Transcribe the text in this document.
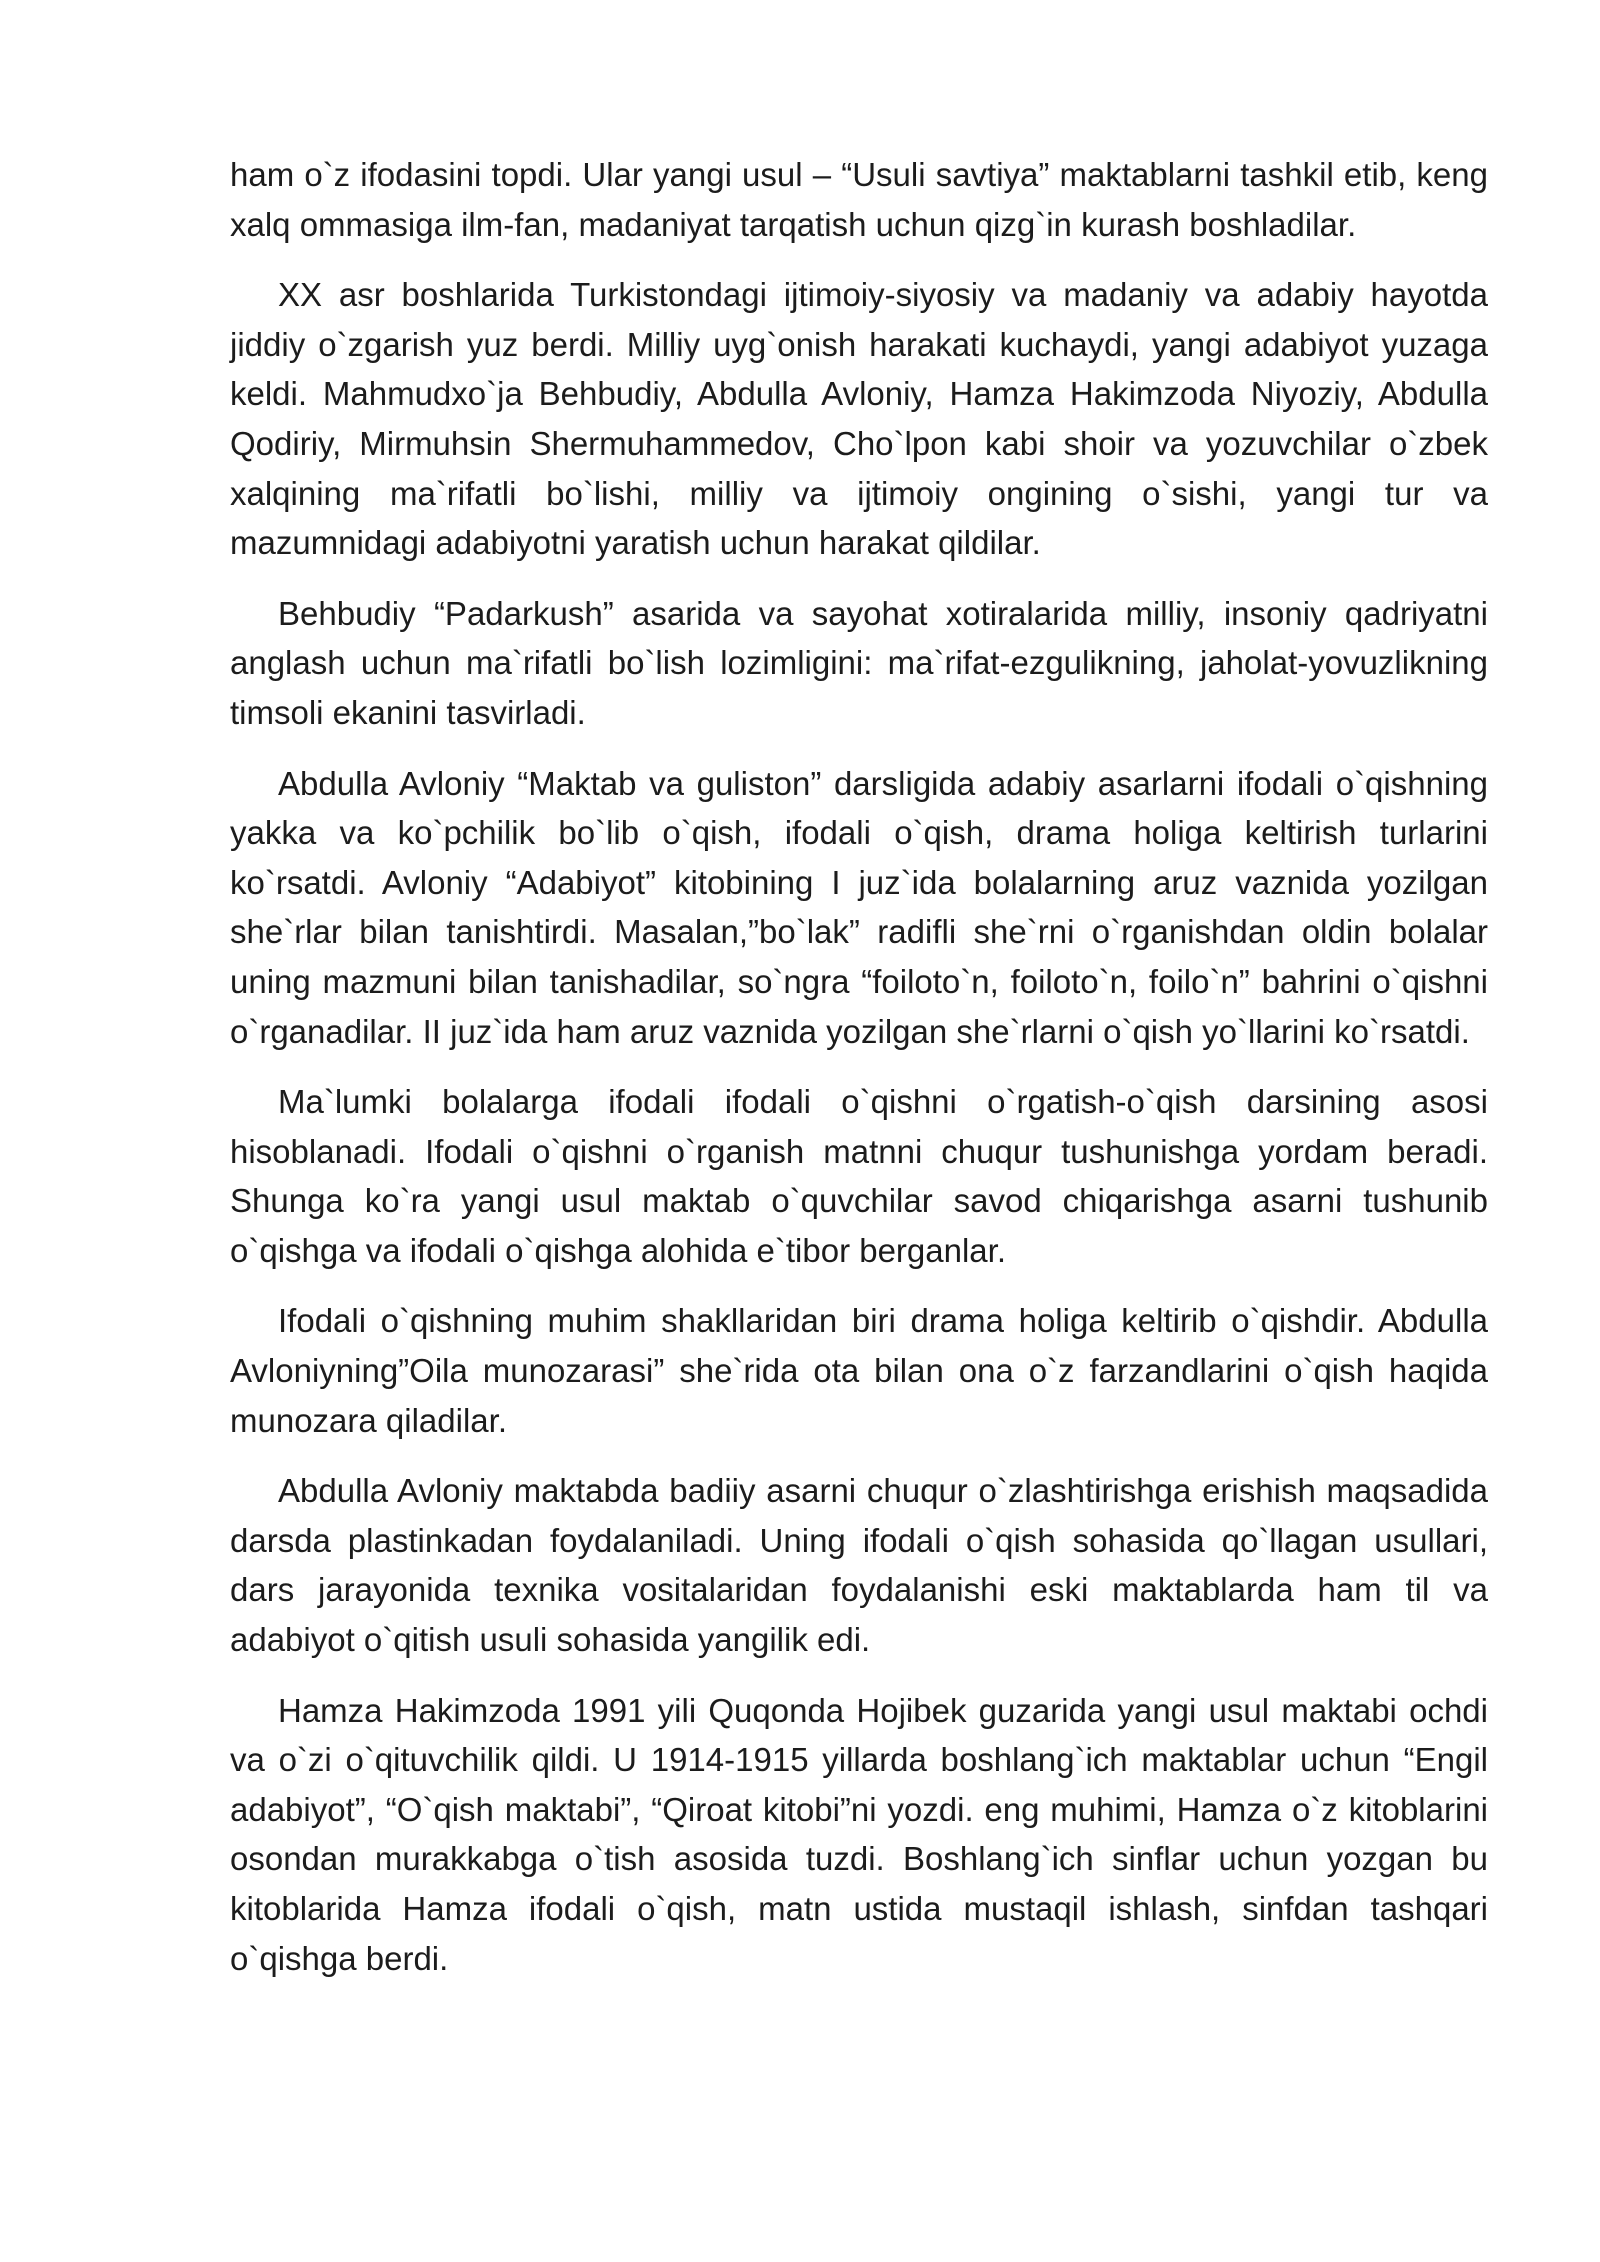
ham o`z ifodasini topdi. Ular yangi usul – “Usuli savtiya” maktablarni tashkil etib, keng xalq ommasiga ilm-fan, madaniyat tarqatish uchun qizg`in kurash boshladilar.

XX asr boshlarida Turkistondagi ijtimoiy-siyosiy va madaniy va adabiy hayotda jiddiy o`zgarish yuz berdi. Milliy uyg`onish harakati kuchaydi, yangi adabiyot yuzaga keldi. Mahmudxo`ja Behbudiy, Abdulla Avloniy, Hamza Hakimzoda Niyoziy, Abdulla Qodiriy, Mirmuhsin Shermuhammedov, Cho`lpon kabi shoir va yozuvchilar o`zbek xalqining ma`rifatli bo`lishi, milliy va ijtimoiy ongining o`sishi, yangi tur va mazumnidagi adabiyotni yaratish uchun harakat qildilar.

Behbudiy “Padarkush” asarida va sayohat xotiralarida milliy, insoniy qadriyatni anglash uchun ma`rifatli bo`lish lozimligini: ma`rifat-ezgulikning, jaholat-yovuzlikning timsoli ekanini tasvirladi.

Abdulla Avloniy “Maktab va guliston” darsligida adabiy asarlarni ifodali o`qishning yakka va ko`pchilik bo`lib o`qish, ifodali o`qish, drama holiga keltirish turlarini ko`rsatdi. Avloniy “Adabiyot” kitobining I juz`ida bolalarning aruz vaznida yozilgan she`rlar bilan tanishtirdi. Masalan,”bo`lak” radifli she`rni o`rganishdan oldin bolalar uning mazmuni bilan tanishadilar, so`ngra “foiloto`n, foiloto`n, foilo`n” bahrini o`qishni o`rganadilar. II juz`ida ham aruz vaznida yozilgan she`rlarni o`qish yo`llarini ko`rsatdi.

Ma`lumki bolalarga ifodali ifodali o`qishni o`rgatish-o`qish darsining asosi hisoblanadi. Ifodali o`qishni o`rganish matnni chuqur tushunishga yordam beradi. Shunga ko`ra yangi usul maktab o`quvchilar savod chiqarishga asarni tushunib o`qishga va ifodali o`qishga alohida e`tibor berganlar.

Ifodali o`qishning muhim shakllaridan biri drama holiga keltirib o`qishdir. Abdulla Avloniyning”Oila munozarasi” she`rida ota bilan ona o`z farzandlarini o`qish haqida munozara qiladilar.

Abdulla Avloniy maktabda badiiy asarni chuqur o`zlashtirishga erishish maqsadida darsda plastinkadan foydalaniladi. Uning ifodali o`qish sohasida qo`llagan usullari, dars jarayonida texnika vositalaridan foydalanishi eski maktablarda ham til va adabiyot o`qitish usuli sohasida yangilik edi.

Hamza Hakimzoda 1991 yili Quqonda Hojibek guzarida yangi usul maktabi ochdi va o`zi o`qituvchilik qildi. U 1914-1915 yillarda boshlang`ich maktablar uchun “Engil adabiyot”, “O`qish maktabi”, “Qiroat kitobi”ni yozdi. eng muhimi, Hamza o`z kitoblarini osondan murakkabga o`tish asosida tuzdi. Boshlang`ich sinflar uchun yozgan bu kitoblarida Hamza ifodali o`qish, matn ustida mustaqil ishlash, sinfdan tashqari o`qishga berdi.
